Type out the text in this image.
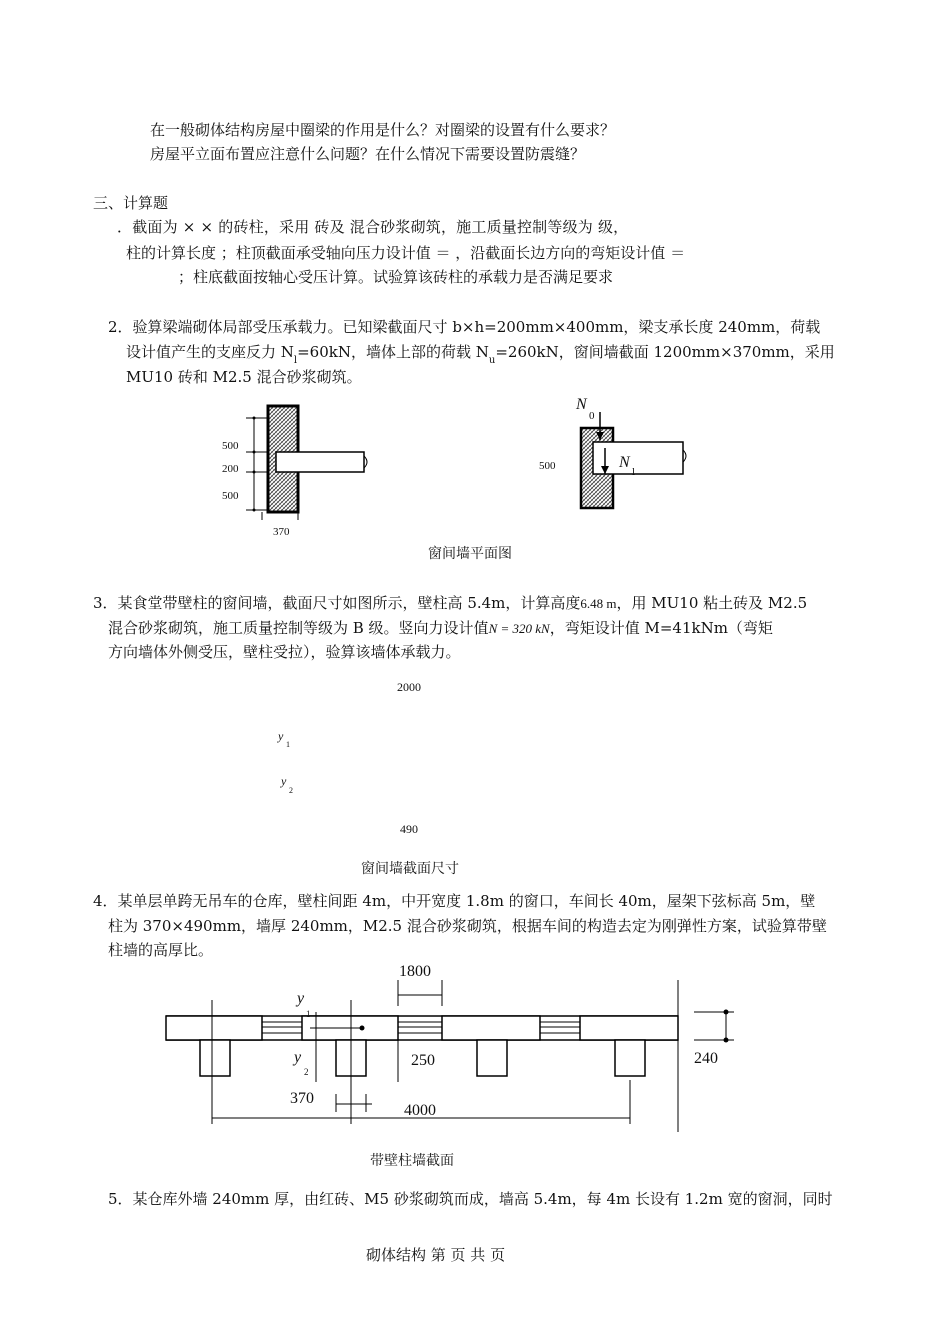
在一般砌体结构房屋中圈梁的作用是什么？对圈梁的设置有什么要求？
房屋平立面布置应注意什么问题？在什么情况下需要设置防震缝？
三、计算题
．截面为 × × 的砖柱，采用 砖及 混合砂浆砌筑，施工质量控制等级为 级，
柱的计算长度 ；柱顶截面承受轴向压力设计值 ＝ ，沿截面长边方向的弯矩设计值 ＝
；柱底截面按轴心受压计算。试验算该砖柱的承载力是否满足要求
2．验算梁端砌体局部受压承载力。已知梁截面尺寸 b×h=200mm×400mm，梁支承长度 240mm，荷载
设计值产生的支座反力 $N_l=60kN$，墙体上部的荷载 $N_u=260kN$，窗间墙截面 1200mm×370mm，采用
MU10 砖和 M2.5 混合砂浆砌筑。
500
200
500
370
500
N
0
N
l
窗间墙平面图
3．某食堂带壁柱的窗间墙，截面尺寸如图所示，壁柱高 5.4m，计算高度6.48 m，用 MU10 粘土砖及 M2.5
混合砂浆砌筑，施工质量控制等级为 B 级。竖向力设计值N = 320 kN，弯矩设计值 M=41kNm（弯矩
方向墙体外侧受压，壁柱受拉），验算该墙体承载力。
2000
y
1
y
2
490
窗间墙截面尺寸
4．某单层单跨无吊车的仓库，壁柱间距 4m，中开宽度 1.8m 的窗口，车间长 40m，屋架下弦标高 5m，壁
柱为 370×490mm，墙厚 240mm，M2.5 混合砂浆砌筑，根据车间的构造去定为刚弹性方案，试验算带壁
柱墙的高厚比。
1800
y
1
y
2
250	240
370
4000
带壁柱墙截面
5．某仓库外墙 240mm 厚，由红砖、M5 砂浆砌筑而成，墙高 5.4m，每 4m 长设有 1.2m 宽的窗洞，同时
砌体结构 第 页 共 页
